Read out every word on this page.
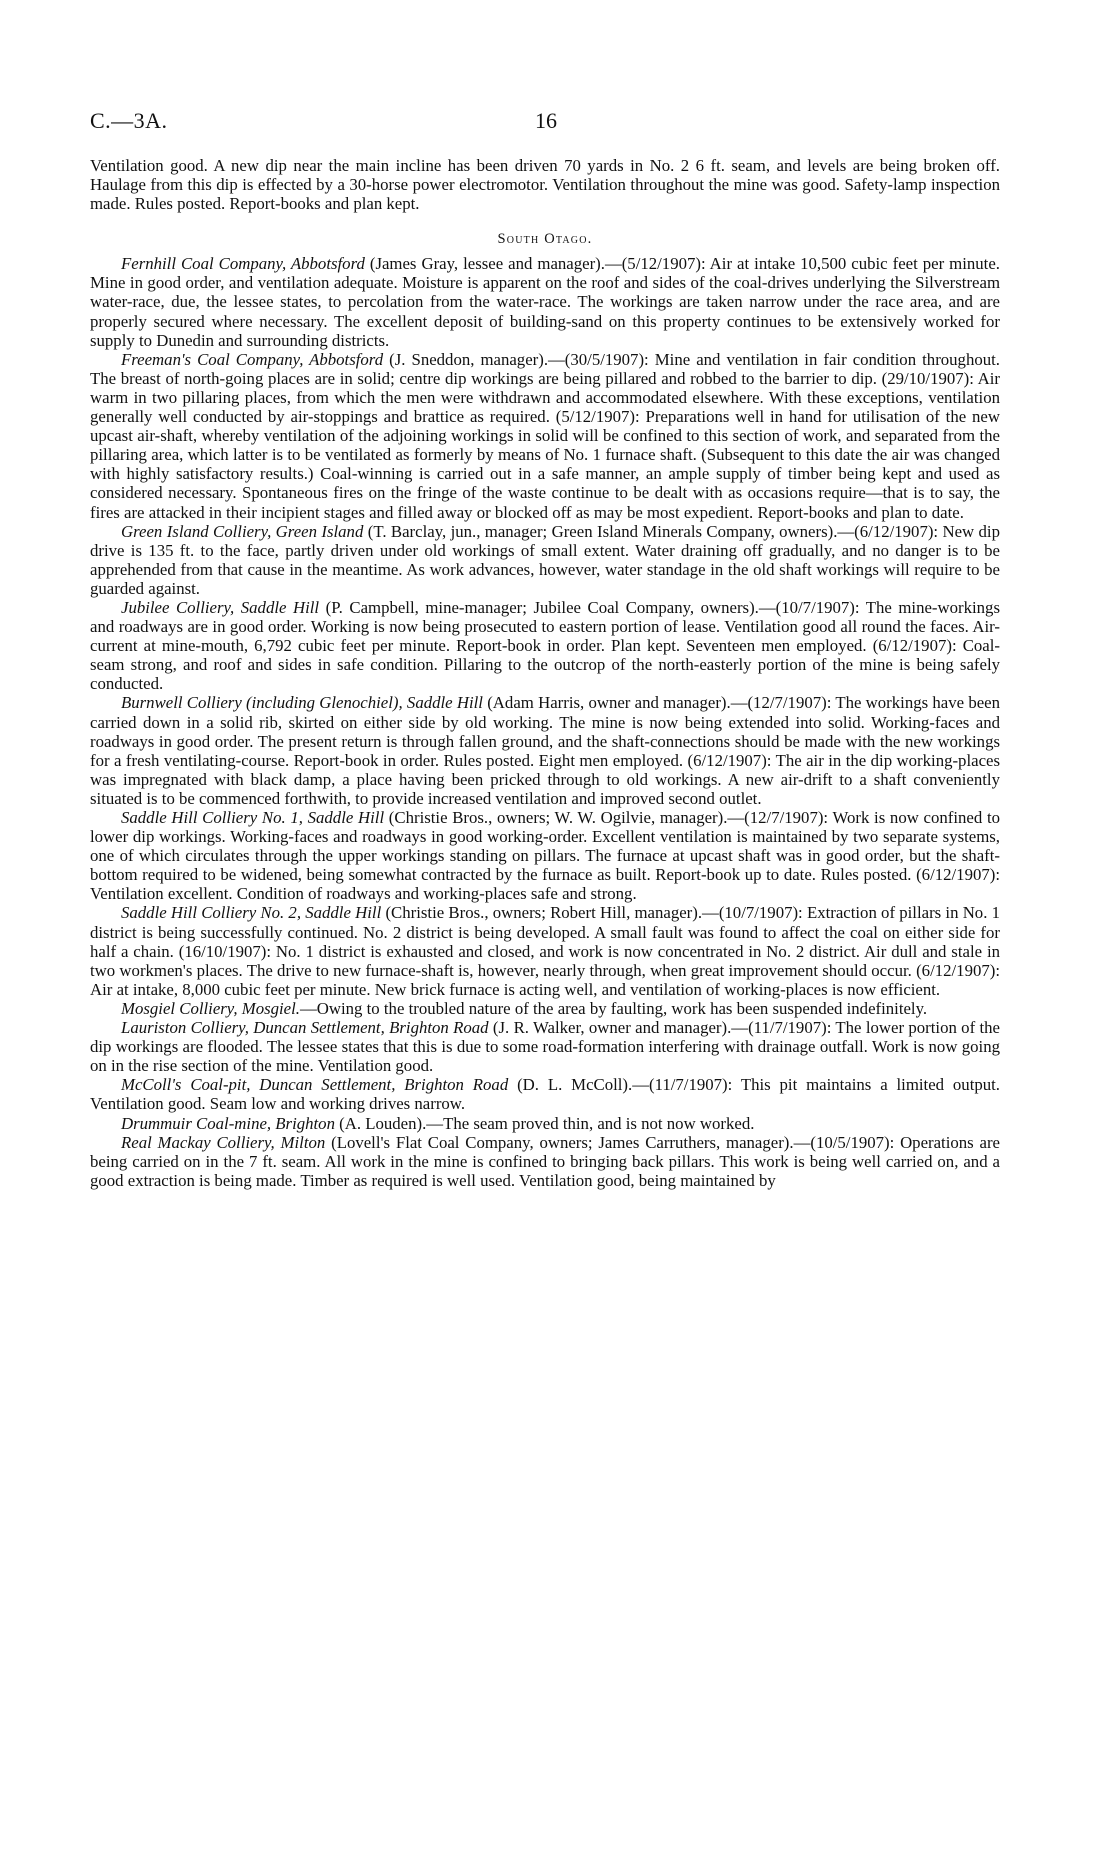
C.—3A.	16

Ventilation good. A new dip near the main incline has been driven 70 yards in No. 2 6 ft. seam, and levels are being broken off. Haulage from this dip is effected by a 30-horse power electromotor. Ventilation throughout the mine was good. Safety-lamp inspection made. Rules posted. Report-books and plan kept.

South Otago.

Fernhill Coal Company, Abbotsford (James Gray, lessee and manager).—(5/12/1907): Air at intake 10,500 cubic feet per minute. Mine in good order, and ventilation adequate. Moisture is apparent on the roof and sides of the coal-drives underlying the Silverstream water-race, due, the lessee states, to percolation from the water-race. The workings are taken narrow under the race area, and are properly secured where necessary. The excellent deposit of building-sand on this property continues to be extensively worked for supply to Dunedin and surrounding districts.

Freeman's Coal Company, Abbotsford (J. Sneddon, manager).—(30/5/1907): Mine and ventilation in fair condition throughout. The breast of north-going places are in solid; centre dip workings are being pillared and robbed to the barrier to dip. (29/10/1907): Air warm in two pillaring places, from which the men were withdrawn and accommodated elsewhere. With these exceptions, ventilation generally well conducted by air-stoppings and brattice as required. (5/12/1907): Preparations well in hand for utilisation of the new upcast air-shaft, whereby ventilation of the adjoining workings in solid will be confined to this section of work, and separated from the pillaring area, which latter is to be ventilated as formerly by means of No. 1 furnace shaft. (Subsequent to this date the air was changed with highly satisfactory results.) Coal-winning is carried out in a safe manner, an ample supply of timber being kept and used as considered necessary. Spontaneous fires on the fringe of the waste continue to be dealt with as occasions require—that is to say, the fires are attacked in their incipient stages and filled away or blocked off as may be most expedient. Report-books and plan to date.

Green Island Colliery, Green Island (T. Barclay, jun., manager; Green Island Minerals Company, owners).—(6/12/1907): New dip drive is 135 ft. to the face, partly driven under old workings of small extent. Water draining off gradually, and no danger is to be apprehended from that cause in the meantime. As work advances, however, water standage in the old shaft workings will require to be guarded against.

Jubilee Colliery, Saddle Hill (P. Campbell, mine-manager; Jubilee Coal Company, owners).—(10/7/1907): The mine-workings and roadways are in good order. Working is now being prosecuted to eastern portion of lease. Ventilation good all round the faces. Air-current at mine-mouth, 6,792 cubic feet per minute. Report-book in order. Plan kept. Seventeen men employed. (6/12/1907): Coal-seam strong, and roof and sides in safe condition. Pillaring to the outcrop of the north-easterly portion of the mine is being safely conducted.

Burnwell Colliery (including Glenochiel), Saddle Hill (Adam Harris, owner and manager).—(12/7/1907): The workings have been carried down in a solid rib, skirted on either side by old working. The mine is now being extended into solid. Working-faces and roadways in good order. The present return is through fallen ground, and the shaft-connections should be made with the new workings for a fresh ventilating-course. Report-book in order. Rules posted. Eight men employed. (6/12/1907): The air in the dip working-places was impregnated with black damp, a place having been pricked through to old workings. A new air-drift to a shaft conveniently situated is to be commenced forthwith, to provide increased ventilation and improved second outlet.

Saddle Hill Colliery No. 1, Saddle Hill (Christie Bros., owners; W. W. Ogilvie, manager).—(12/7/1907): Work is now confined to lower dip workings. Working-faces and roadways in good working-order. Excellent ventilation is maintained by two separate systems, one of which circulates through the upper workings standing on pillars. The furnace at upcast shaft was in good order, but the shaft-bottom required to be widened, being somewhat contracted by the furnace as built. Report-book up to date. Rules posted. (6/12/1907): Ventilation excellent. Condition of roadways and working-places safe and strong.

Saddle Hill Colliery No. 2, Saddle Hill (Christie Bros., owners; Robert Hill, manager).—(10/7/1907): Extraction of pillars in No. 1 district is being successfully continued. No. 2 district is being developed. A small fault was found to affect the coal on either side for half a chain. (16/10/1907): No. 1 district is exhausted and closed, and work is now concentrated in No. 2 district. Air dull and stale in two workmen's places. The drive to new furnace-shaft is, however, nearly through, when great improvement should occur. (6/12/1907): Air at intake, 8,000 cubic feet per minute. New brick furnace is acting well, and ventilation of working-places is now efficient.

Mosgiel Colliery, Mosgiel.—Owing to the troubled nature of the area by faulting, work has been suspended indefinitely.

Lauriston Colliery, Duncan Settlement, Brighton Road (J. R. Walker, owner and manager).—(11/7/1907): The lower portion of the dip workings are flooded. The lessee states that this is due to some road-formation interfering with drainage outfall. Work is now going on in the rise section of the mine. Ventilation good.

McColl's Coal-pit, Duncan Settlement, Brighton Road (D. L. McColl).—(11/7/1907): This pit maintains a limited output. Ventilation good. Seam low and working drives narrow.

Drummuir Coal-mine, Brighton (A. Louden).—The seam proved thin, and is not now worked.

Real Mackay Colliery, Milton (Lovell's Flat Coal Company, owners; James Carruthers, manager).—(10/5/1907): Operations are being carried on in the 7 ft. seam. All work in the mine is confined to bringing back pillars. This work is being well carried on, and a good extraction is being made. Timber as required is well used. Ventilation good, being maintained by
